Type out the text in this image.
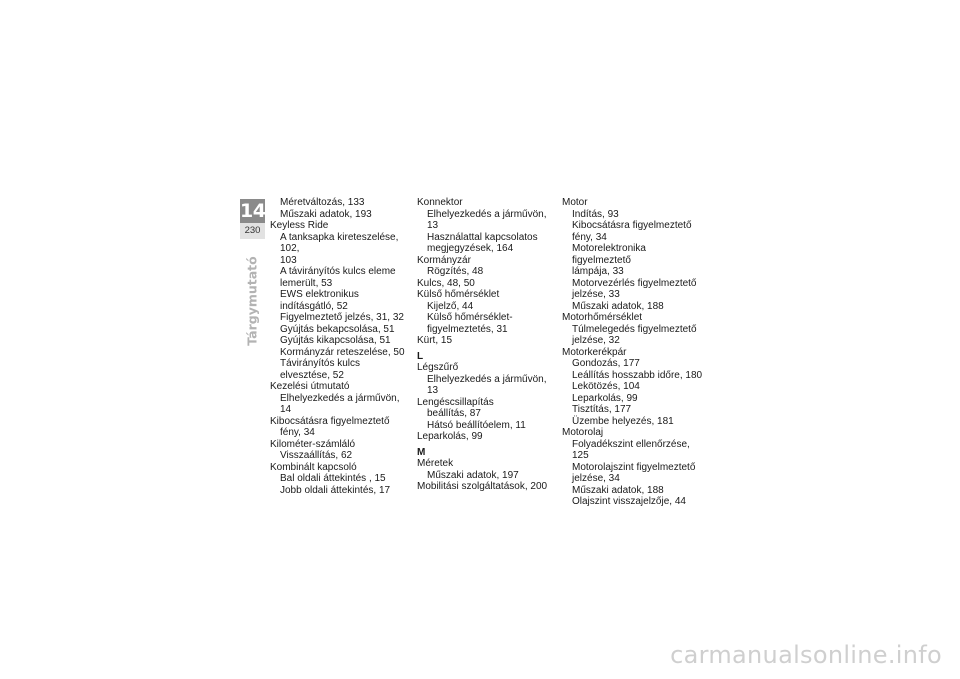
14
230
Tárgymutató
Méretváltozás, 133
Műszaki adatok, 193
Keyless Ride
A tanksapka kireteszelése, 102,
103
A távirányítós kulcs eleme
lemerült, 53
EWS elektronikus
indításgátló, 52
Figyelmeztető jelzés, 31, 32
Gyújtás bekapcsolása, 51
Gyújtás kikapcsolása, 51
Kormányzár reteszelése, 50
Távirányítós kulcs
elvesztése, 52
Kezelési útmutató
Elhelyezkedés a járművön, 14
Kibocsátásra figyelmeztető
fény, 34
Kilométer-számláló
Visszaállítás, 62
Kombinált kapcsoló
Bal oldali áttekintés , 15
Jobb oldali áttekintés, 17
Konnektor
Elhelyezkedés a járművön, 13
Használattal kapcsolatos
megjegyzések, 164
Kormányzár
Rögzítés, 48
Kulcs, 48, 50
Külső hőmérséklet
Kijelző, 44
Külső hőmérséklet-
figyelmeztetés, 31
Kürt, 15
L
Légszűrő
Elhelyezkedés a járművön, 13
Lengéscsillapítás
beállítás, 87
Hátsó beállítóelem, 11
Leparkolás, 99
M
Méretek
Műszaki adatok, 197
Mobilitási szolgáltatások, 200
Motor
Indítás, 93
Kibocsátásra figyelmeztető
fény, 34
Motorelektronika figyelmeztető
lámpája, 33
Motorvezérlés figyelmeztető
jelzése, 33
Műszaki adatok, 188
Motorhőmérséklet
Túlmelegedés figyelmeztető
jelzése, 32
Motorkerékpár
Gondozás, 177
Leállítás hosszabb időre, 180
Lekötözés, 104
Leparkolás, 99
Tisztítás, 177
Üzembe helyezés, 181
Motorolaj
Folyadékszint ellenőrzése, 125
Motorolajszint figyelmeztető
jelzése, 34
Műszaki adatok, 188
Olajszint visszajelzője, 44
carmanualsonline.info
